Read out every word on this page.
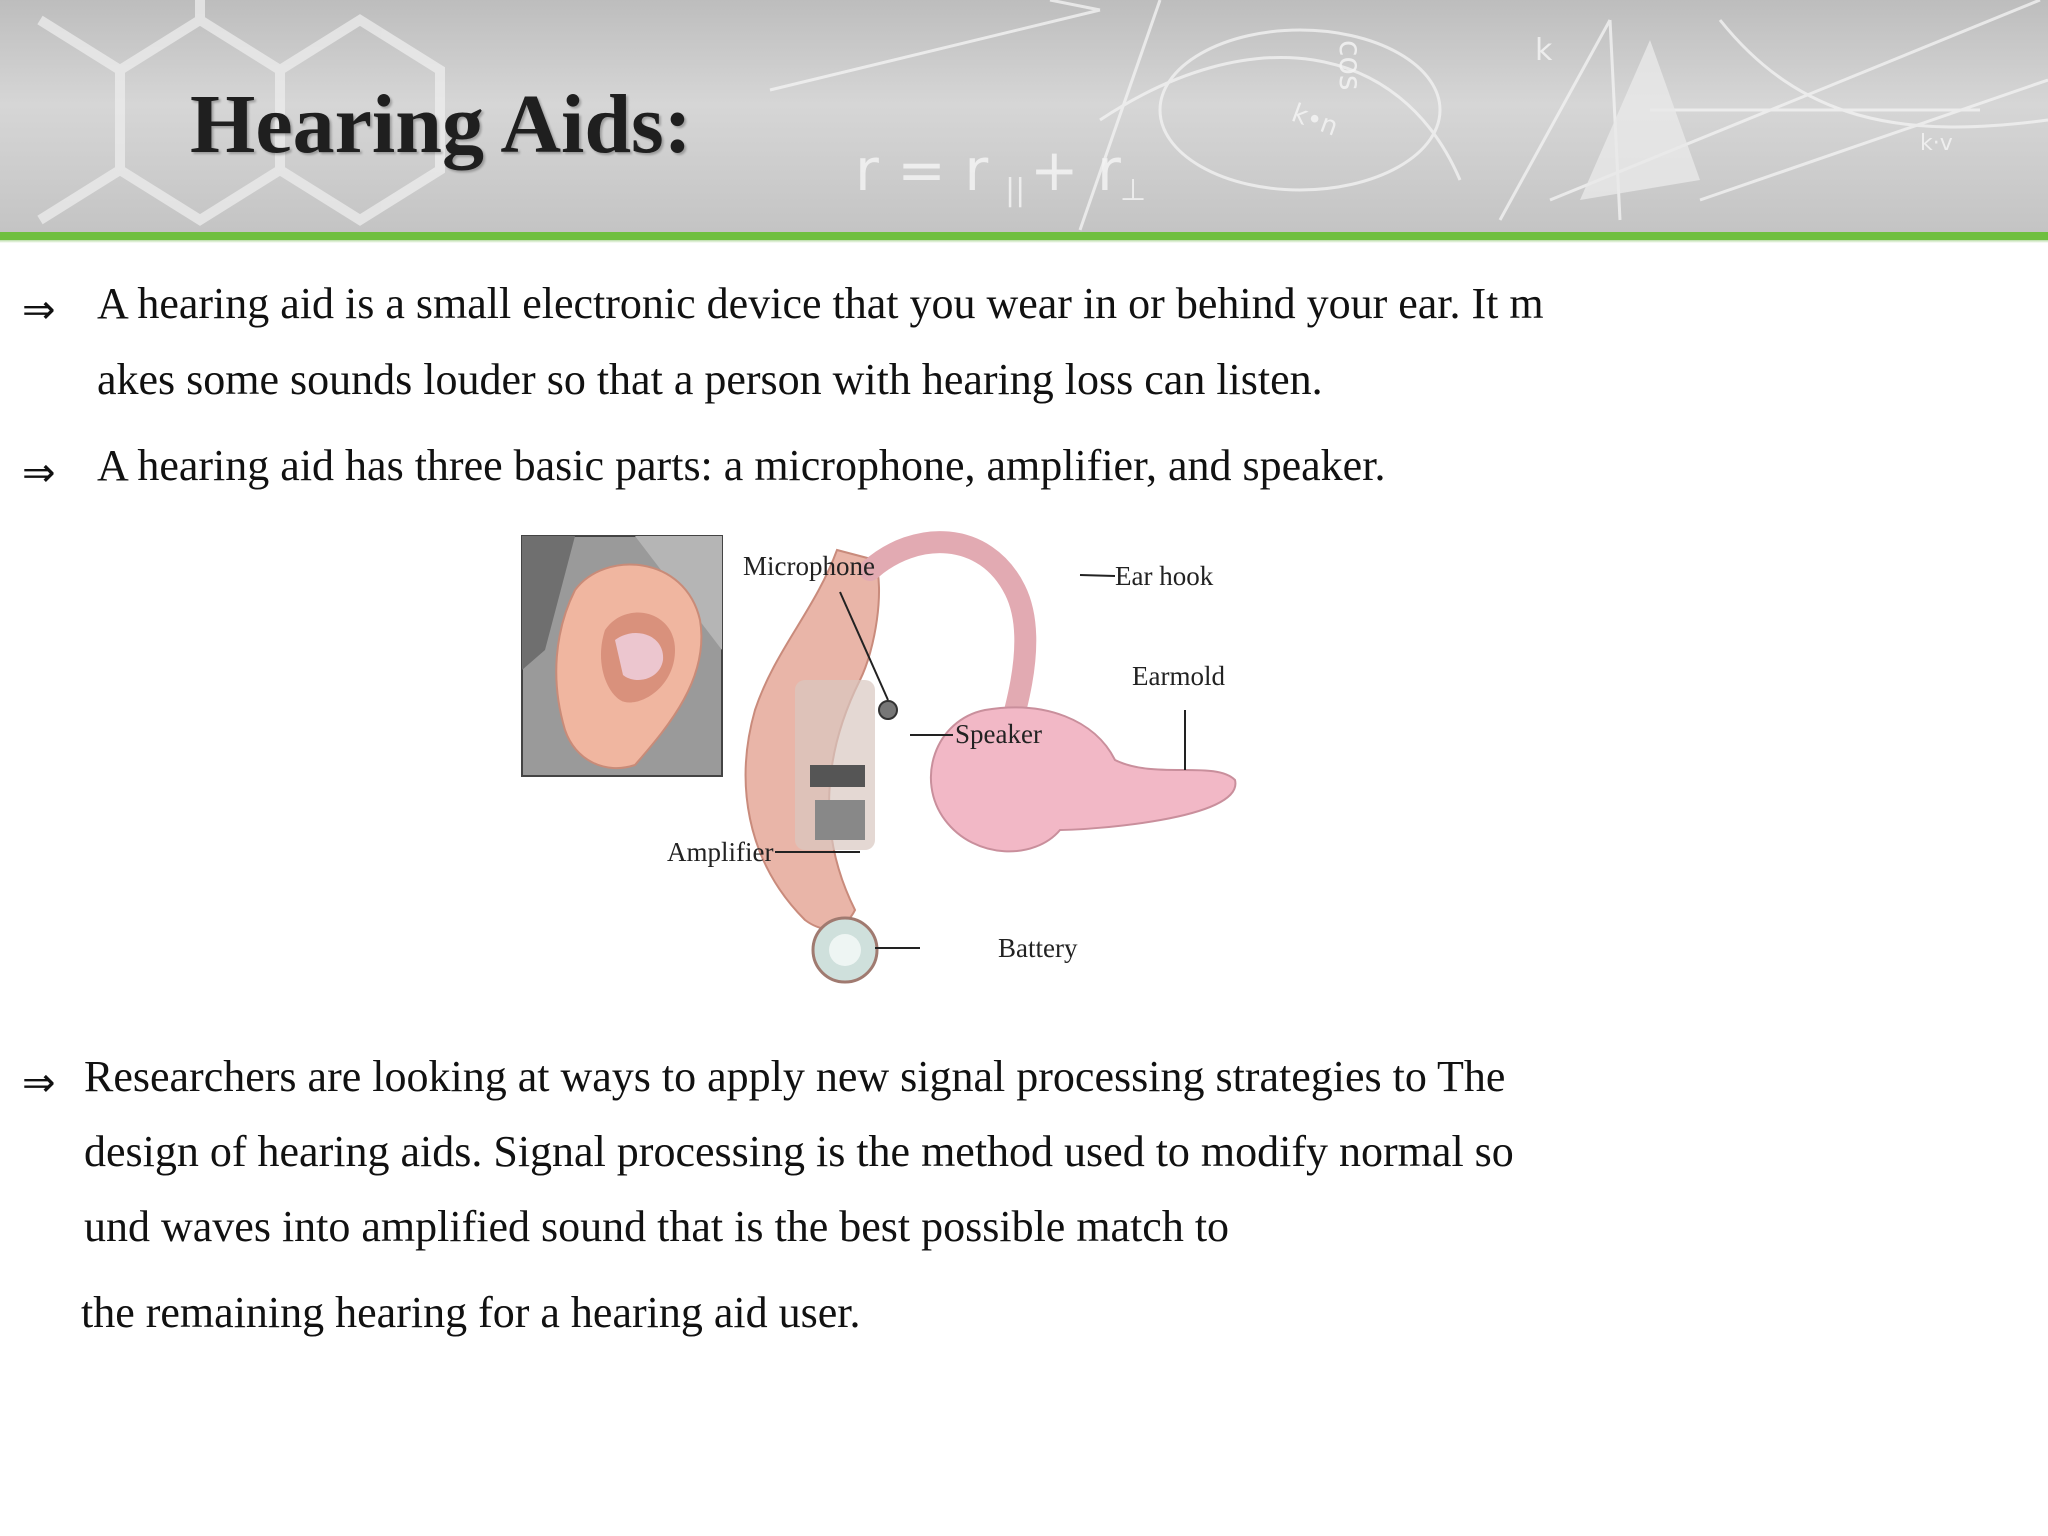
r = r || + r ⊥
k•n
cos	k
k·v
Hearing Aids:
⇒ A hearing aid is a small electronic device that you wear in or behind your ear. It m
akes some sounds louder so that a person with hearing loss can listen.
⇒ A hearing aid has three basic parts: a microphone, amplifier, and speaker.
Microphone	Ear hook
Earmold
Speaker
Amplifier
Battery
⇒ Researchers are looking at ways to apply new signal processing strategies to The
design of hearing aids. Signal processing is the method used to modify normal so
und waves into amplified sound that is the best possible match to
the remaining hearing for a hearing aid user.
